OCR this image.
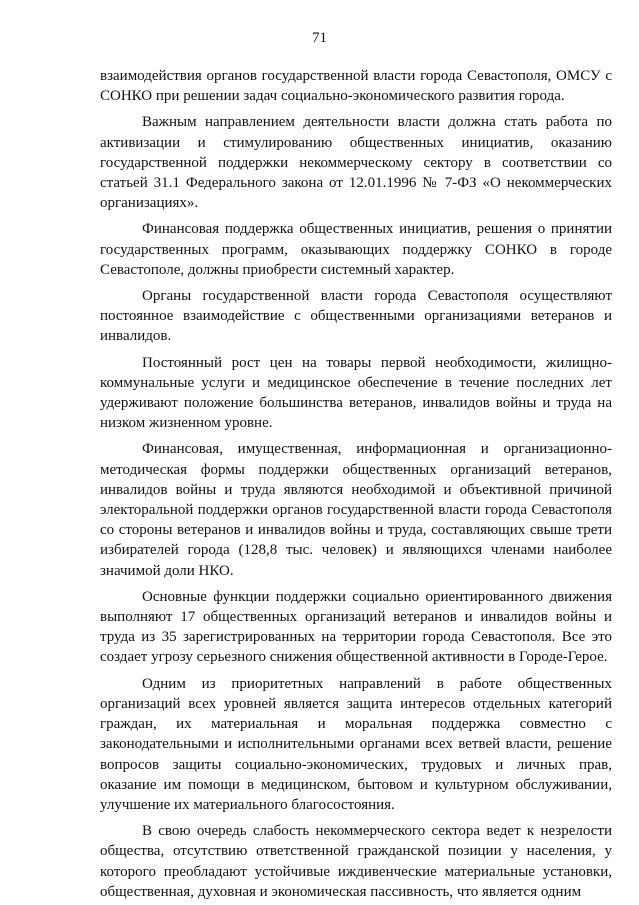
71

взаимодействия органов государственной власти города Севастополя, ОМСУ с СОНКО при решении задач социально-экономического развития города.

Важным направлением деятельности власти должна стать работа по активизации и стимулированию общественных инициатив, оказанию государственной поддержки некоммерческому сектору в соответствии со статьей 31.1 Федерального закона от 12.01.1996 № 7-ФЗ «О некоммерческих организациях».

Финансовая поддержка общественных инициатив, решения о принятии государственных программ, оказывающих поддержку СОНКО в городе Севастополе, должны приобрести системный характер.

Органы государственной власти города Севастополя осуществляют постоянное взаимодействие с общественными организациями ветеранов и инвалидов.

Постоянный рост цен на товары первой необходимости, жилищно-коммунальные услуги и медицинское обеспечение в течение последних лет удерживают положение большинства ветеранов, инвалидов войны и труда на низком жизненном уровне.

Финансовая, имущественная, информационная и организационно-методическая формы поддержки общественных организаций ветеранов, инвалидов войны и труда являются необходимой и объективной причиной электоральной поддержки органов государственной власти города Севастополя со стороны ветеранов и инвалидов войны и труда, составляющих свыше трети избирателей города (128,8 тыс. человек) и являющихся членами наиболее значимой доли НКО.

Основные функции поддержки социально ориентированного движения выполняют 17 общественных организаций ветеранов и инвалидов войны и труда из 35 зарегистрированных на территории города Севастополя. Все это создает угрозу серьезного снижения общественной активности в Городе-Герое.

Одним из приоритетных направлений в работе общественных организаций всех уровней является защита интересов отдельных категорий граждан, их материальная и моральная поддержка совместно с законодательными и исполнительными органами всех ветвей власти, решение вопросов защиты социально-экономических, трудовых и личных прав, оказание им помощи в медицинском, бытовом и культурном обслуживании, улучшение их материального благосостояния.

В свою очередь слабость некоммерческого сектора ведет к незрелости общества, отсутствию ответственной гражданской позиции у населения, у которого преобладают устойчивые иждивенческие материальные установки, общественная, духовная и экономическая пассивность, что является одним
